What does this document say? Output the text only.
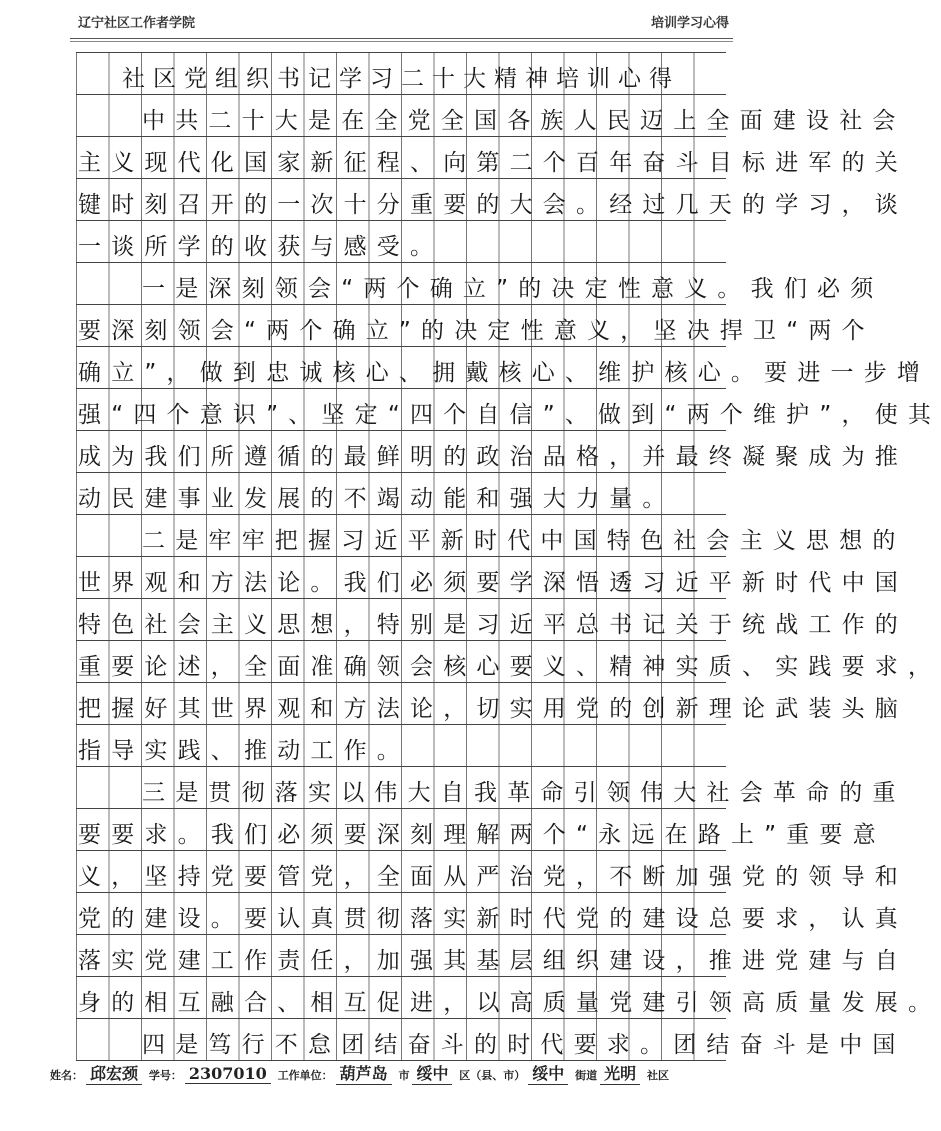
辽宁社区工作者学院	培训学习心得
社区党组织书记学习二十大精神培训心得
中共二十大是在全党全国各族人民迈上全面建设社会
主义现代化国家新征程、向第二个百年奋斗目标进军的关
键时刻召开的一次十分重要的大会。经过几天的学习，谈
一谈所学的收获与感受。
一是深刻领会“两个确立”的决定性意义。我们必须
要深刻领会“两个确立”的决定性意义，坚决捍卫“两个
确立”，做到忠诚核心、拥戴核心、维护核心。要进一步增
强“四个意识”、坚定“四个自信”、做到“两个维护”，使其
成为我们所遵循的最鲜明的政治品格，并最终凝聚成为推
动民建事业发展的不竭动能和强大力量。
二是牢牢把握习近平新时代中国特色社会主义思想的
世界观和方法论。我们必须要学深悟透习近平新时代中国
特色社会主义思想，特别是习近平总书记关于统战工作的
重要论述，全面准确领会核心要义、精神实质、实践要求，
把握好其世界观和方法论，切实用党的创新理论武装头脑
指导实践、推动工作。
三是贯彻落实以伟大自我革命引领伟大社会革命的重
要要求。我们必须要深刻理解两个“永远在路上”重要意
义，坚持党要管党，全面从严治党，不断加强党的领导和
党的建设。要认真贯彻落实新时代党的建设总要求，认真
落实党建工作责任，加强其基层组织建设，推进党建与自
身的相互融合、相互促进，以高质量党建引领高质量发展。
四是笃行不怠团结奋斗的时代要求。团结奋斗是中国
姓名： 邱宏颈 学号： 2307010 工作单位： 葫芦岛 市 绥中 区（县、市） 绥中 街道 光明 社区
